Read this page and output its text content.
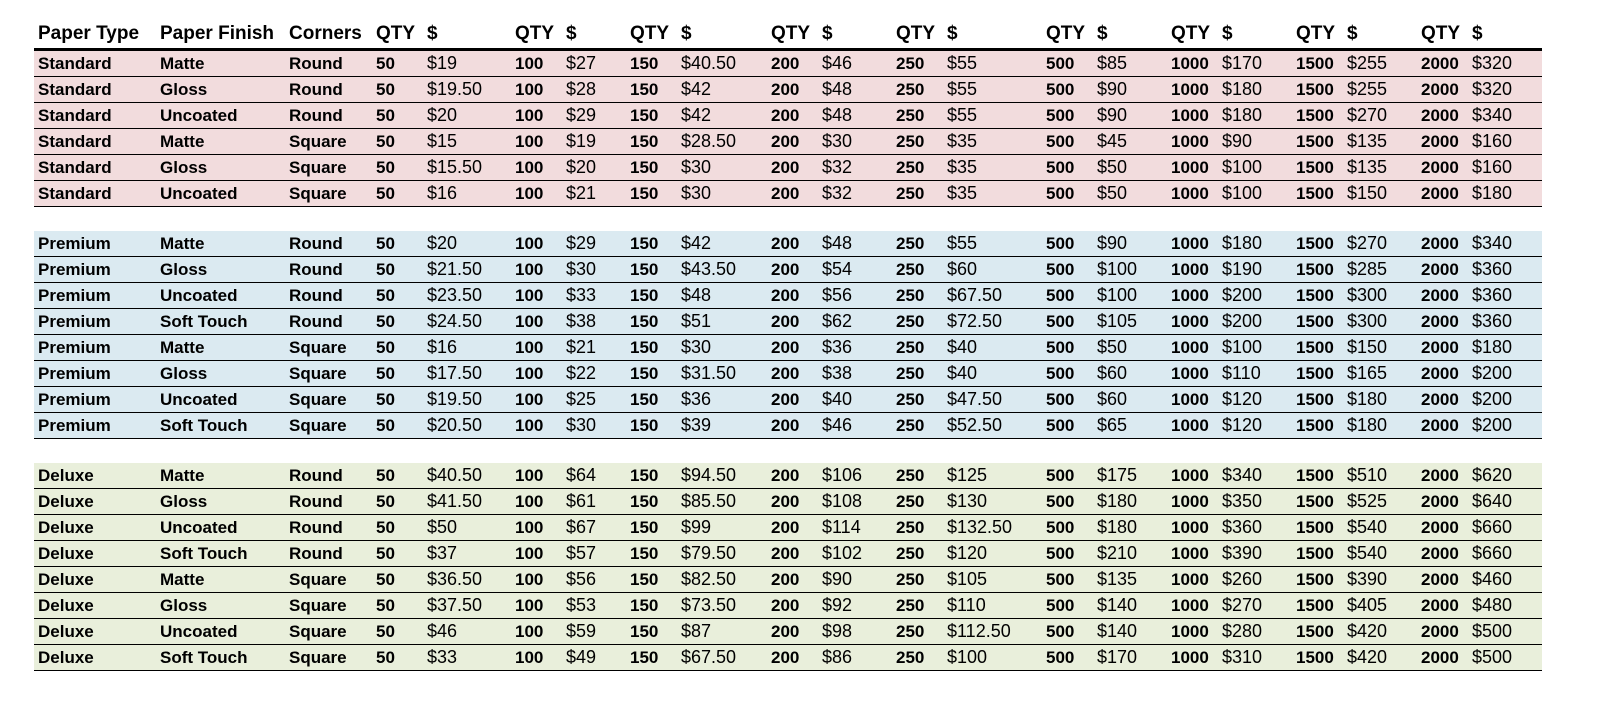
Paper Type	Paper Finish	Corners	QTY	$	QTY	$	QTY	$	QTY	$	QTY	$	QTY	$	QTY	$	QTY	$	QTY	$
Standard	Matte	Round	50	$19	100	$27	150	$40.50	200	$46	250	$55	500	$85	1000	$170	1500	$255	2000	$320
Standard	Gloss	Round	50	$19.50	100	$28	150	$42	200	$48	250	$55	500	$90	1000	$180	1500	$255	2000	$320
Standard	Uncoated	Round	50	$20	100	$29	150	$42	200	$48	250	$55	500	$90	1000	$180	1500	$270	2000	$340
Standard	Matte	Square	50	$15	100	$19	150	$28.50	200	$30	250	$35	500	$45	1000	$90	1500	$135	2000	$160
Standard	Gloss	Square	50	$15.50	100	$20	150	$30	200	$32	250	$35	500	$50	1000	$100	1500	$135	2000	$160
Standard	Uncoated	Square	50	$16	100	$21	150	$30	200	$32	250	$35	500	$50	1000	$100	1500	$150	2000	$180

Premium	Matte	Round	50	$20	100	$29	150	$42	200	$48	250	$55	500	$90	1000	$180	1500	$270	2000	$340
Premium	Gloss	Round	50	$21.50	100	$30	150	$43.50	200	$54	250	$60	500	$100	1000	$190	1500	$285	2000	$360
Premium	Uncoated	Round	50	$23.50	100	$33	150	$48	200	$56	250	$67.50	500	$100	1000	$200	1500	$300	2000	$360
Premium	Soft Touch	Round	50	$24.50	100	$38	150	$51	200	$62	250	$72.50	500	$105	1000	$200	1500	$300	2000	$360
Premium	Matte	Square	50	$16	100	$21	150	$30	200	$36	250	$40	500	$50	1000	$100	1500	$150	2000	$180
Premium	Gloss	Square	50	$17.50	100	$22	150	$31.50	200	$38	250	$40	500	$60	1000	$110	1500	$165	2000	$200
Premium	Uncoated	Square	50	$19.50	100	$25	150	$36	200	$40	250	$47.50	500	$60	1000	$120	1500	$180	2000	$200
Premium	Soft Touch	Square	50	$20.50	100	$30	150	$39	200	$46	250	$52.50	500	$65	1000	$120	1500	$180	2000	$200

Deluxe	Matte	Round	50	$40.50	100	$64	150	$94.50	200	$106	250	$125	500	$175	1000	$340	1500	$510	2000	$620
Deluxe	Gloss	Round	50	$41.50	100	$61	150	$85.50	200	$108	250	$130	500	$180	1000	$350	1500	$525	2000	$640
Deluxe	Uncoated	Round	50	$50	100	$67	150	$99	200	$114	250	$132.50	500	$180	1000	$360	1500	$540	2000	$660
Deluxe	Soft Touch	Round	50	$37	100	$57	150	$79.50	200	$102	250	$120	500	$210	1000	$390	1500	$540	2000	$660
Deluxe	Matte	Square	50	$36.50	100	$56	150	$82.50	200	$90	250	$105	500	$135	1000	$260	1500	$390	2000	$460
Deluxe	Gloss	Square	50	$37.50	100	$53	150	$73.50	200	$92	250	$110	500	$140	1000	$270	1500	$405	2000	$480
Deluxe	Uncoated	Square	50	$46	100	$59	150	$87	200	$98	250	$112.50	500	$140	1000	$280	1500	$420	2000	$500
Deluxe	Soft Touch	Square	50	$33	100	$49	150	$67.50	200	$86	250	$100	500	$170	1000	$310	1500	$420	2000	$500
